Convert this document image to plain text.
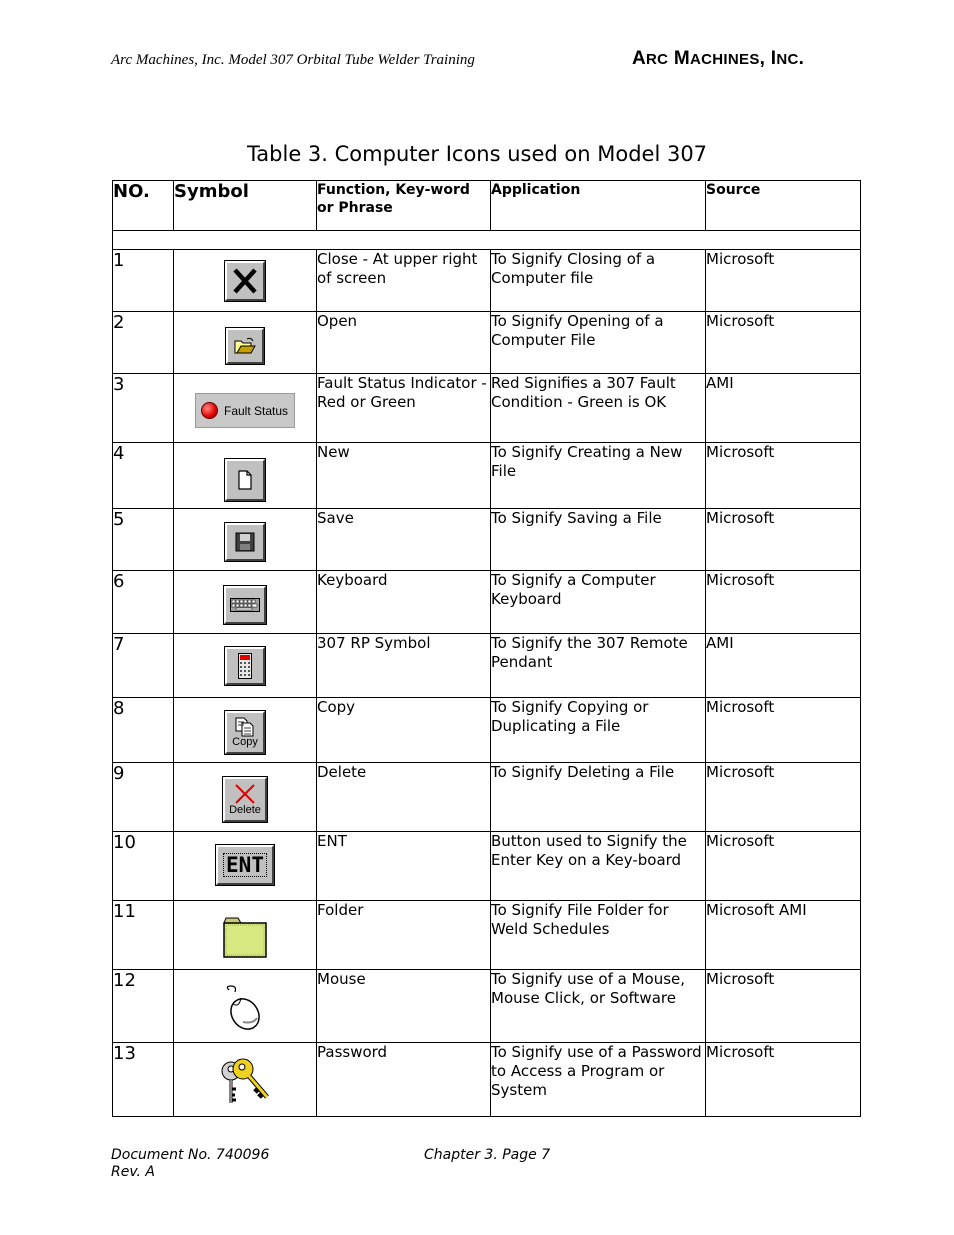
Arc Machines, Inc. Model 307 Orbital Tube Welder Training	ARC MACHINES, INC.
Table 3. Computer Icons used on Model 307
NO.	Symbol	Function, Key-word or Phrase	Application	Source

1		Close - At upper right of screen	To Signify Closing of a Computer file	Microsoft
2		Open	To Signify Opening of a Computer File	Microsoft
3	Fault Status	Fault Status Indicator - Red or Green	Red Signifies a 307 Fault Condition - Green is OK	AMI
4		New	To Signify Creating a New File	Microsoft
5		Save	To Signify Saving a File	Microsoft
6		Keyboard	To Signify a Computer Keyboard	Microsoft
7		307 RP Symbol	To Signify the 307 Remote Pendant	AMI
8	Copy	Copy	To Signify Copying or Duplicating a File	Microsoft
9	Delete	Delete	To Signify Deleting a File	Microsoft
10	ENT	ENT	Button used to Signify the Enter Key on a Key-board	Microsoft
11		Folder	To Signify File Folder for Weld Schedules	Microsoft AMI
12		Mouse	To Signify use of a Mouse, Mouse Click, or Software	Microsoft
13		Password	To Signify use of a Password to Access a Program or System	Microsoft
Document No. 740096
Rev. A
Chapter 3. Page 7
